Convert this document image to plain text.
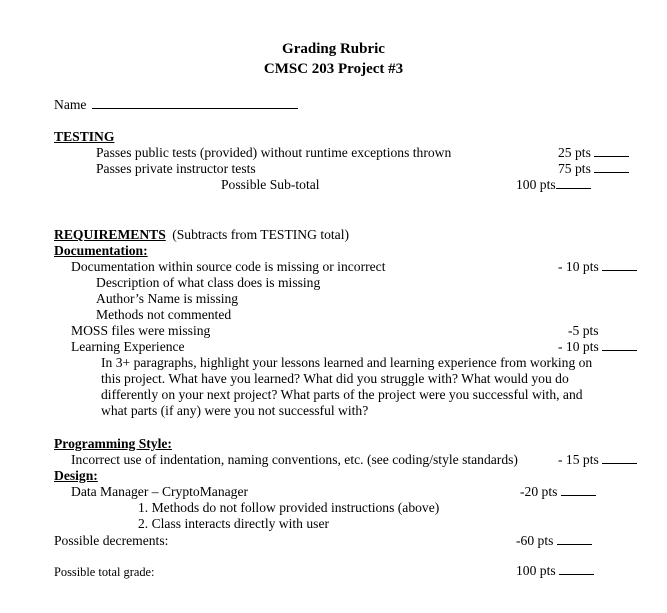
Grading Rubric
CMSC 203 Project #3
Name
TESTING
Passes public tests (provided) without runtime exceptions thrown	25 pts
Passes private instructor tests	75 pts
Possible Sub-total	100 pts
REQUIREMENTS (Subtracts from TESTING total)
Documentation:
Documentation within source code is missing or incorrect	- 10 pts
Description of what class does is missing
Author’s Name is missing
Methods not commented
MOSS files were missing	-5 pts
Learning Experience	- 10 pts
In 3+ paragraphs, highlight your lessons learned and learning experience from working on
this project. What have you learned? What did you struggle with? What would you do
differently on your next project? What parts of the project were you successful with, and
what parts (if any) were you not successful with?
Programming Style:
Incorrect use of indentation, naming conventions, etc. (see coding/style standards)	- 15 pts
Design:
Data Manager – CryptoManager	-20 pts
1. Methods do not follow provided instructions (above)
2. Class interacts directly with user
Possible decrements:	-60 pts
Possible total grade:	100 pts
